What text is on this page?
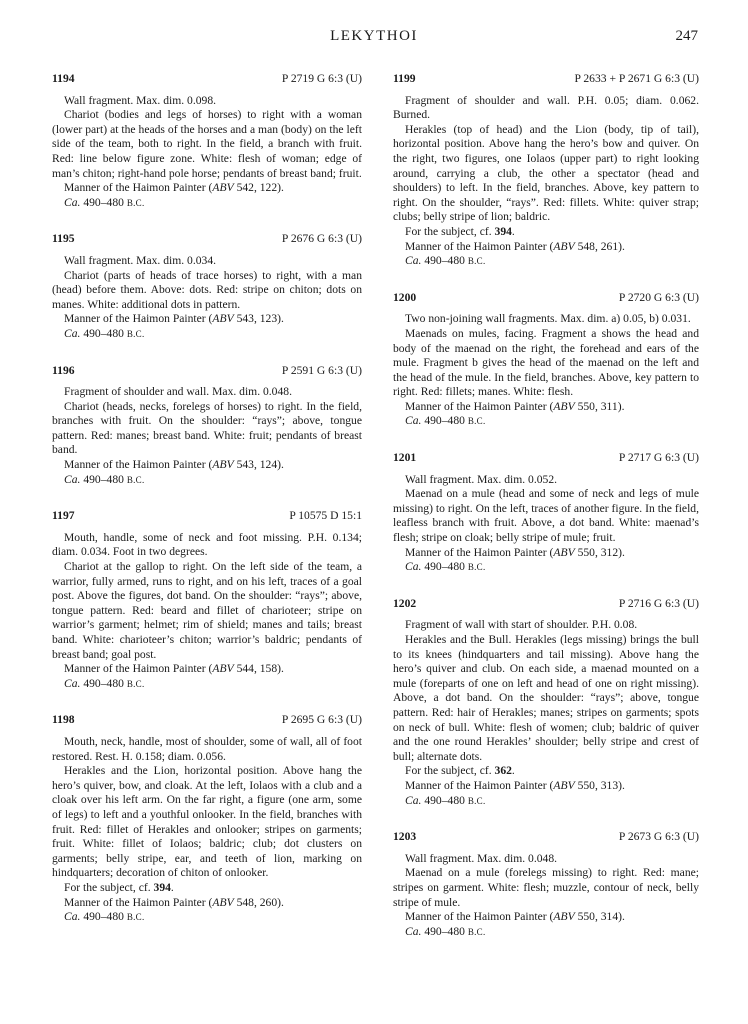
LEKYTHOI	247
1194	P 2719 G 6:3 (U)

Wall fragment. Max. dim. 0.098.

Chariot (bodies and legs of horses) to right with a woman (lower part) at the heads of the horses and a man (body) on the left side of the team, both to right. In the field, a branch with fruit. Red: line below figure zone. White: flesh of woman; edge of man’s chiton; right-hand pole horse; pendants of breast band; fruit.

Manner of the Haimon Painter (ABV 542, 122).

Ca. 490–480 B.C.

1195	P 2676 G 6:3 (U)

Wall fragment. Max. dim. 0.034.

Chariot (parts of heads of trace horses) to right, with a man (head) before them. Above: dots. Red: stripe on chiton; dots on manes. White: additional dots in pattern.

Manner of the Haimon Painter (ABV 543, 123).

Ca. 490–480 B.C.

1196	P 2591 G 6:3 (U)

Fragment of shoulder and wall. Max. dim. 0.048.

Chariot (heads, necks, forelegs of horses) to right. In the field, branches with fruit. On the shoulder: “rays”; above, tongue pattern. Red: manes; breast band. White: fruit; pendants of breast band.

Manner of the Haimon Painter (ABV 543, 124).

Ca. 490–480 B.C.

1197	P 10575 D 15:1

Mouth, handle, some of neck and foot missing. P.H. 0.134; diam. 0.034. Foot in two degrees.

Chariot at the gallop to right. On the left side of the team, a warrior, fully armed, runs to right, and on his left, traces of a goal post. Above the figures, dot band. On the shoulder: “rays”; above, tongue pattern. Red: beard and fillet of charioteer; stripe on warrior’s garment; helmet; rim of shield; manes and tails; breast band. White: charioteer’s chiton; warrior’s baldric; pendants of breast band; goal post.

Manner of the Haimon Painter (ABV 544, 158).

Ca. 490–480 B.C.

1198	P 2695 G 6:3 (U)

Mouth, neck, handle, most of shoulder, some of wall, all of foot restored. Rest. H. 0.158; diam. 0.056.

Herakles and the Lion, horizontal position. Above hang the hero’s quiver, bow, and cloak. At the left, Iolaos with a club and a cloak over his left arm. On the far right, a figure (one arm, some of legs) to left and a youthful onlooker. In the field, branches with fruit. Red: fillet of Herakles and onlooker; stripes on garments; fruit. White: fillet of Iolaos; baldric; club; dot clusters on garments; belly stripe, ear, and teeth of lion, marking on hindquarters; decoration of chiton of onlooker.

For the subject, cf. 394.

Manner of the Haimon Painter (ABV 548, 260).

Ca. 490–480 B.C.

1199	P 2633 + P 2671 G 6:3 (U)

Fragment of shoulder and wall. P.H. 0.05; diam. 0.062. Burned.

Herakles (top of head) and the Lion (body, tip of tail), horizontal position. Above hang the hero’s bow and quiver. On the right, two figures, one Iolaos (upper part) to right looking around, carrying a club, the other a spectator (head and shoulders) to left. In the field, branches. Above, key pattern to right. On the shoulder, “rays”. Red: fillets. White: quiver strap; clubs; belly stripe of lion; baldric.

For the subject, cf. 394.

Manner of the Haimon Painter (ABV 548, 261).

Ca. 490–480 B.C.

1200	P 2720 G 6:3 (U)

Two non-joining wall fragments. Max. dim. a) 0.05, b) 0.031.

Maenads on mules, facing. Fragment a shows the head and body of the maenad on the right, the forehead and ears of the mule. Fragment b gives the head of the maenad on the left and the head of the mule. In the field, branches. Above, key pattern to right. Red: fillets; manes. White: flesh.

Manner of the Haimon Painter (ABV 550, 311).

Ca. 490–480 B.C.

1201	P 2717 G 6:3 (U)

Wall fragment. Max. dim. 0.052.

Maenad on a mule (head and some of neck and legs of mule missing) to right. On the left, traces of another figure. In the field, leafless branch with fruit. Above, a dot band. White: maenad’s flesh; stripe on cloak; belly stripe of mule; fruit.

Manner of the Haimon Painter (ABV 550, 312).

Ca. 490–480 B.C.

1202	P 2716 G 6:3 (U)

Fragment of wall with start of shoulder. P.H. 0.08.

Herakles and the Bull. Herakles (legs missing) brings the bull to its knees (hindquarters and tail missing). Above hang the hero’s quiver and club. On each side, a maenad mounted on a mule (foreparts of one on left and head of one on right missing). Above, a dot band. On the shoulder: “rays”; above, tongue pattern. Red: hair of Herakles; manes; stripes on garments; spots on neck of bull. White: flesh of women; club; baldric of quiver and the one round Herakles’ shoulder; belly stripe and crest of bull; alternate dots.

For the subject, cf. 362.

Manner of the Haimon Painter (ABV 550, 313).

Ca. 490–480 B.C.

1203	P 2673 G 6:3 (U)

Wall fragment. Max. dim. 0.048.

Maenad on a mule (forelegs missing) to right. Red: mane; stripes on garment. White: flesh; muzzle, contour of neck, belly stripe of mule.

Manner of the Haimon Painter (ABV 550, 314).

Ca. 490–480 B.C.
